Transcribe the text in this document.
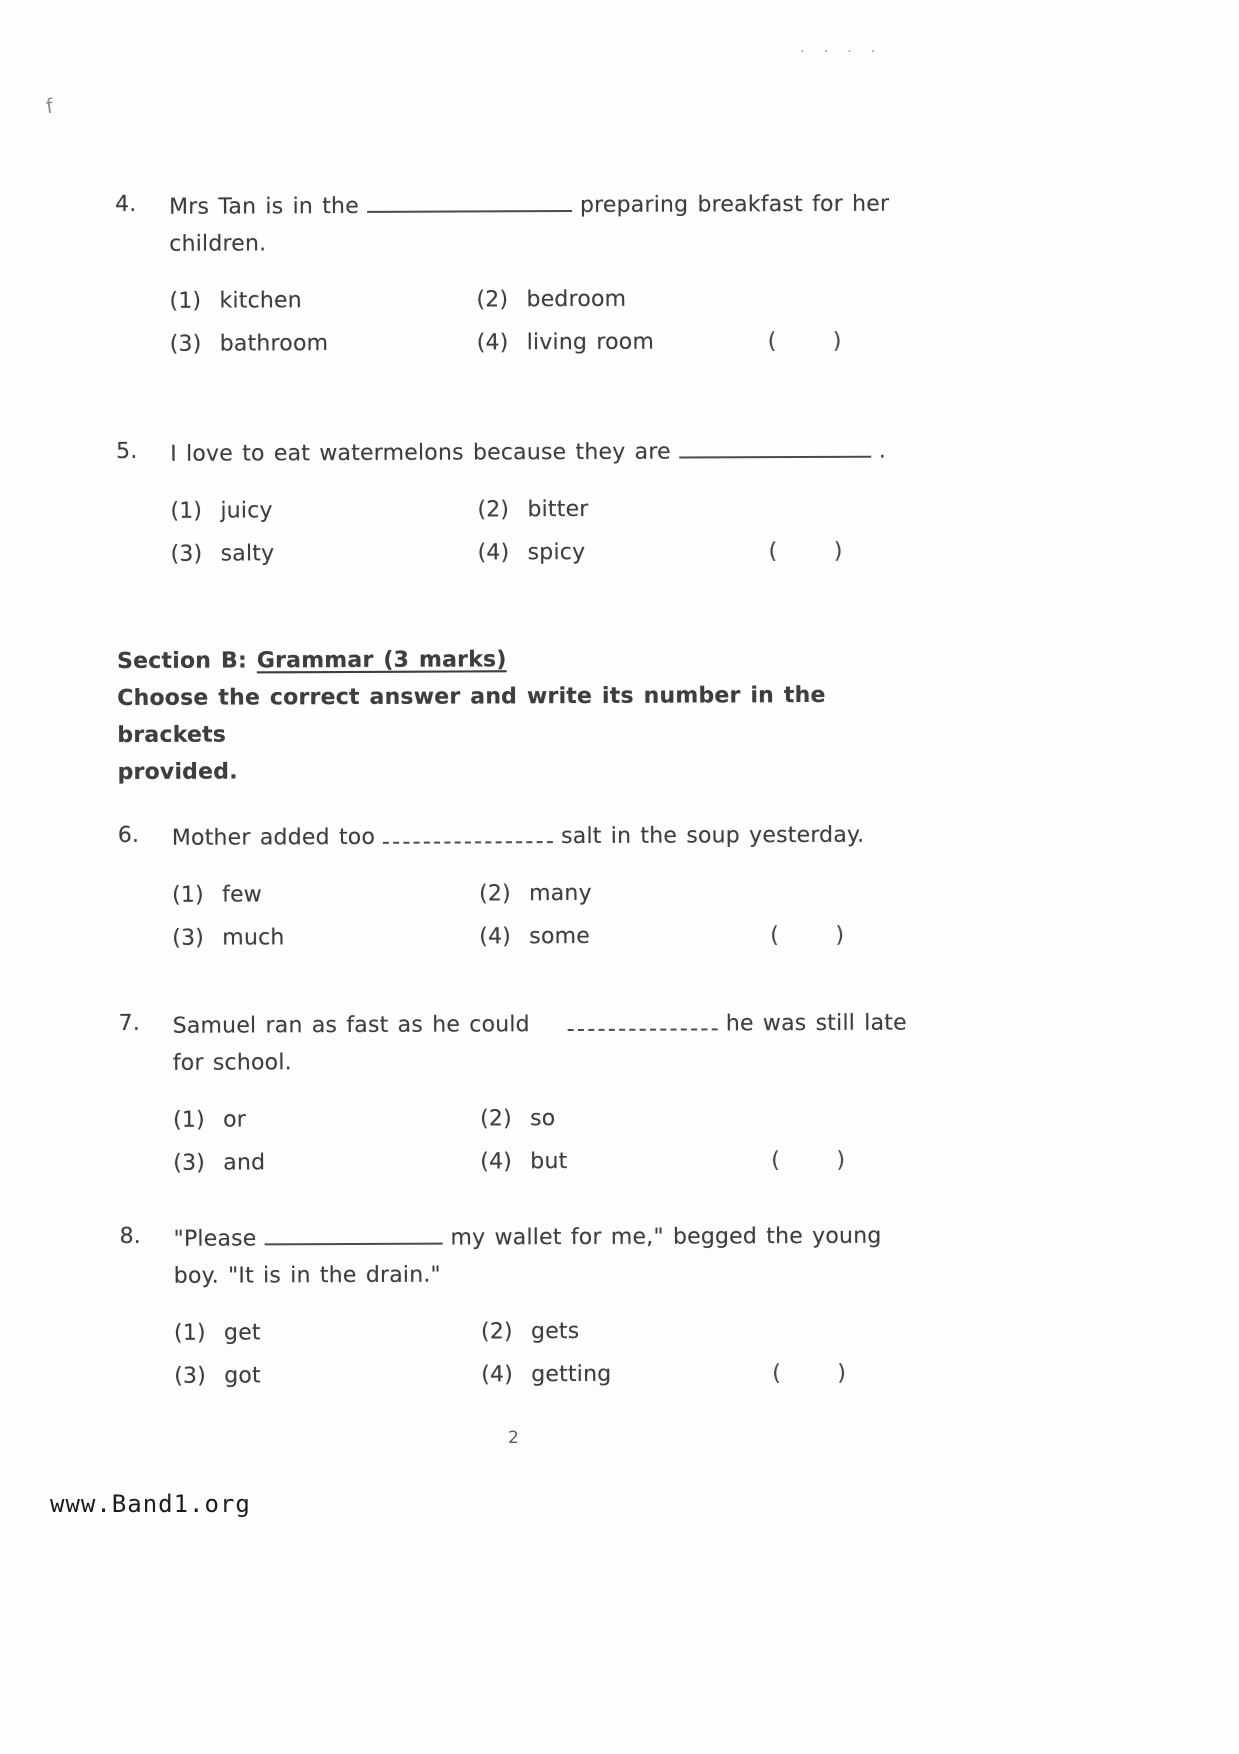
f
. . . .
4.	Mrs Tan is in the	preparing breakfast for her
children.
(1) kitchen	(2) bedroom
(3) bathroom	(4) living room	(	)
5.	I love to eat watermelons because they are	.
(1) juicy	(2) bitter
(3) salty	(4) spicy	(	)
Section B: Grammar (3 marks)
Choose the correct answer and write its number in the brackets
provided.
6.	Mother added too	salt in the soup yesterday.
(1) few	(2) many
(3) much	(4) some	(	)
7.	Samuel ran as fast as he could	he was still late
for school.
(1) or	(2) so
(3) and	(4) but	(	)
8.	"Please	my wallet for me," begged the young
boy. "It is in the drain."
(1) get	(2) gets
(3) got	(4) getting	(	)
2
www.Band1.org
